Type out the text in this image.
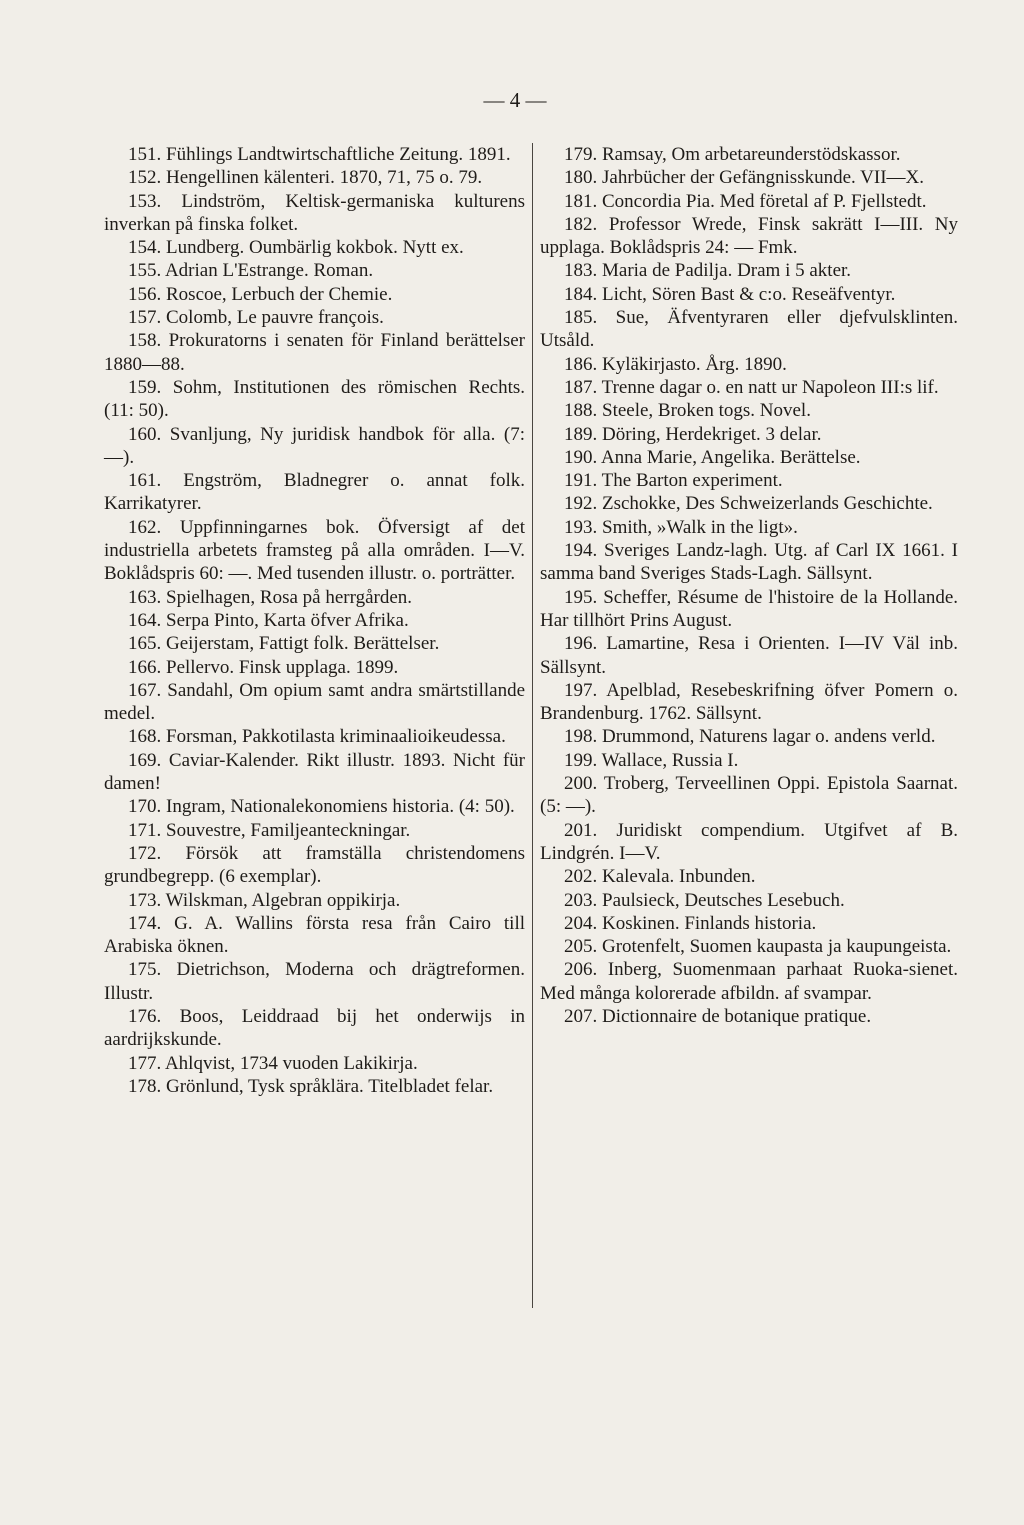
— 4 —
151. Fühlings Landtwirtschaftliche Zeitung. 1891.
152. Hengellinen kälenteri. 1870, 71, 75 o. 79.
153. Lindström, Keltisk-germaniska kulturens inverkan på finska folket.
154. Lundberg. Oumbärlig kokbok. Nytt ex.
155. Adrian L'Estrange. Roman.
156. Roscoe, Lerbuch der Chemie.
157. Colomb, Le pauvre françois.
158. Prokuratorns i senaten för Finland berättelser 1880—88.
159. Sohm, Institutionen des römischen Rechts. (11: 50).
160. Svanljung, Ny juridisk handbok för alla. (7: —).
161. Engström, Bladnegrer o. annat folk. Karrikatyrer.
162. Uppfinningarnes bok. Öfversigt af det industriella arbetets framsteg på alla områden. I—V. Boklådspris 60: —. Med tusenden illustr. o. porträtter.
163. Spielhagen, Rosa på herrgården.
164. Serpa Pinto, Karta öfver Afrika.
165. Geijerstam, Fattigt folk. Berättelser.
166. Pellervo. Finsk upplaga. 1899.
167. Sandahl, Om opium samt andra smärtstillande medel.
168. Forsman, Pakkotilasta kriminaalioikeudessa.
169. Caviar-Kalender. Rikt illustr. 1893. Nicht für damen!
170. Ingram, Nationalekonomiens historia. (4: 50).
171. Souvestre, Familjeanteckningar.
172. Försök att framställa christendomens grundbegrepp. (6 exemplar).
173. Wilskman, Algebran oppikirja.
174. G. A. Wallins första resa från Cairo till Arabiska öknen.
175. Dietrichson, Moderna och drägtreformen. Illustr.
176. Boos, Leiddraad bij het onderwijs in aardrijkskunde.
177. Ahlqvist, 1734 vuoden Lakikirja.
178. Grönlund, Tysk språklära. Titelbladet felar.
179. Ramsay, Om arbetareunderstödskassor.
180. Jahrbücher der Gefängnisskunde. VII—X.
181. Concordia Pia. Med företal af P. Fjellstedt.
182. Professor Wrede, Finsk sakrätt I—III. Ny upplaga. Boklådspris 24: — Fmk.
183. Maria de Padilja. Dram i 5 akter.
184. Licht, Sören Bast & c:o. Reseäfventyr.
185. Sue, Äfventyraren eller djefvulsklinten. Utsåld.
186. Kyläkirjasto. Årg. 1890.
187. Trenne dagar o. en natt ur Napoleon III:s lif.
188. Steele, Broken togs. Novel.
189. Döring, Herdekriget. 3 delar.
190. Anna Marie, Angelika. Berättelse.
191. The Barton experiment.
192. Zschokke, Des Schweizerlands Geschichte.
193. Smith, »Walk in the ligt».
194. Sveriges Landz-lagh. Utg. af Carl IX 1661. I samma band Sveriges Stads-Lagh. Sällsynt.
195. Scheffer, Résume de l'histoire de la Hollande. Har tillhört Prins August.
196. Lamartine, Resa i Orienten. I—IV Väl inb. Sällsynt.
197. Apelblad, Resebeskrifning öfver Pomern o. Brandenburg. 1762. Sällsynt.
198. Drummond, Naturens lagar o. andens verld.
199. Wallace, Russia I.
200. Troberg, Terveellinen Oppi. Epistola Saarnat. (5: —).
201. Juridiskt compendium. Utgifvet af B. Lindgrén. I—V.
202. Kalevala. Inbunden.
203. Paulsieck, Deutsches Lesebuch.
204. Koskinen. Finlands historia.
205. Grotenfelt, Suomen kaupasta ja kaupungeista.
206. Inberg, Suomenmaan parhaat Ruoka-sienet. Med många kolorerade afbildn. af svampar.
207. Dictionnaire de botanique pratique.
